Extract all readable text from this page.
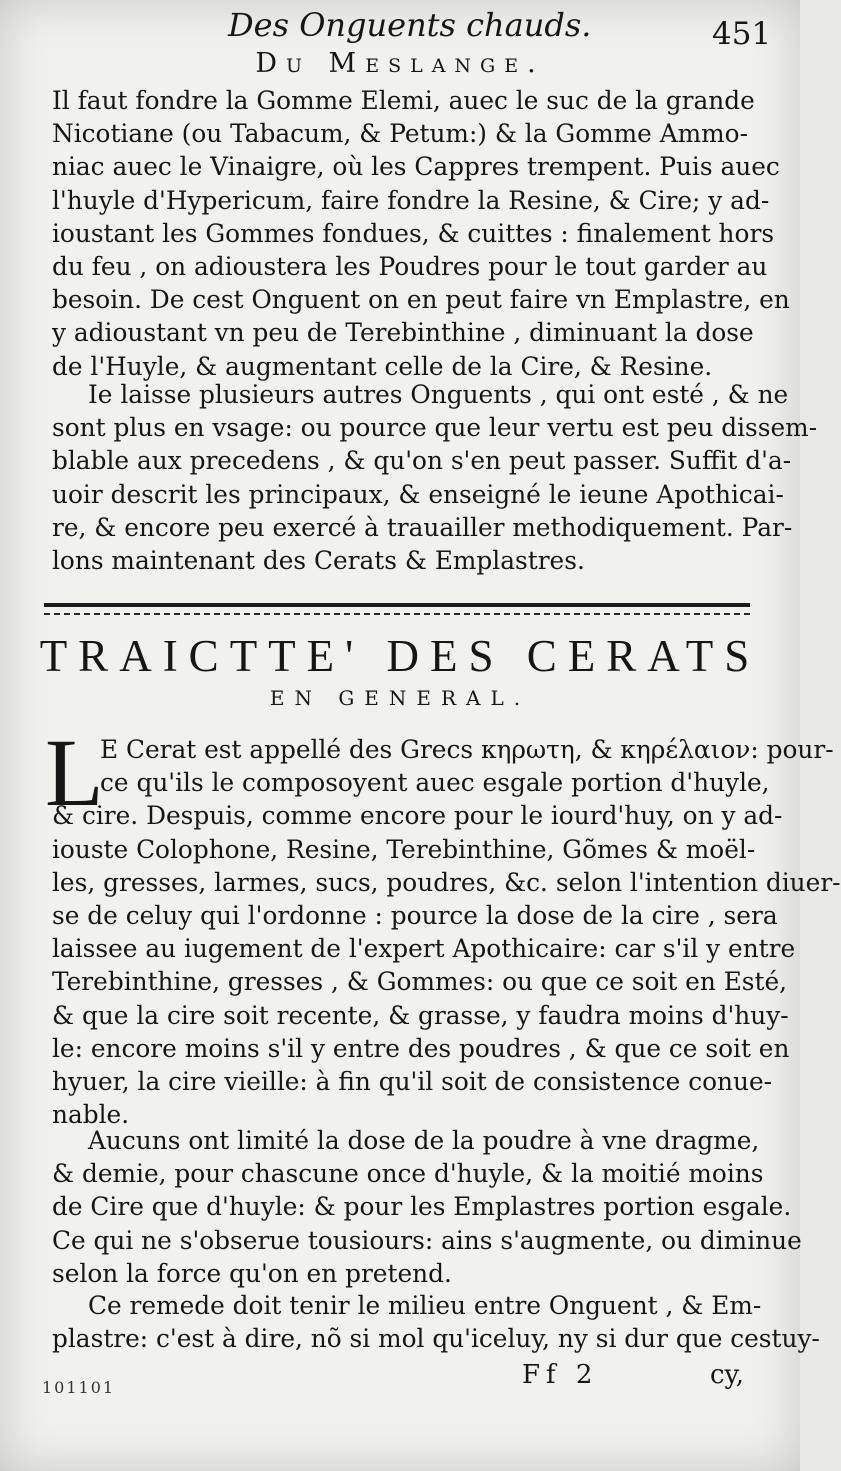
Des Onguents chauds.	451
Du Meslange.

Il faut fondre la Gomme Elemi, auec le suc de la grande
Nicotiane (ou Tabacum, & Petum:) & la Gomme Ammo-
niac auec le Vinaigre, où les Cappres trempent. Puis auec
l'huyle d'Hypericum, faire fondre la Resine, & Cire; y ad-
ioustant les Gommes fondues, & cuittes : finalement hors
du feu , on adioustera les Poudres pour le tout garder au
besoin. De cest Onguent on en peut faire vn Emplastre, en
y adioustant vn peu de Terebinthine , diminuant la dose
de l'Huyle, & augmentant celle de la Cire, & Resine.

Ie laisse plusieurs autres Onguents , qui ont esté , & ne
sont plus en vsage: ou pource que leur vertu est peu dissem-
blable aux precedens , & qu'on s'en peut passer. Suffit d'a-
uoir descrit les principaux, & enseigné le ieune Apothicai-
re, & encore peu exercé à trauailler methodiquement. Par-
lons maintenant des Cerats & Emplastres.

TRAICTTE' DES CERATS
EN GENERAL.
L

E Cerat est appellé des Grecs κηρωτη, & κηρέλαιον: pour-
ce qu'ils le composoyent auec esgale portion d'huyle,
& cire. Despuis, comme encore pour le iourd'huy, on y ad-
iouste Colophone, Resine, Terebinthine, Gõmes & moël-
les, gresses, larmes, sucs, poudres, &c. selon l'intention diuer-
se de celuy qui l'ordonne : pource la dose de la cire , sera
laissee au iugement de l'expert Apothicaire: car s'il y entre
Terebinthine, gresses , & Gommes: ou que ce soit en Esté,
& que la cire soit recente, & grasse, y faudra moins d'huy-
le: encore moins s'il y entre des poudres , & que ce soit en
hyuer, la cire vieille: à fin qu'il soit de consistence conue-
nable.

Aucuns ont limité la dose de la poudre à vne dragme,
& demie, pour chascune once d'huyle, & la moitié moins
de Cire que d'huyle: & pour les Emplastres portion esgale.
Ce qui ne s'obserue tousiours: ains s'augmente, ou diminue
selon la force qu'on en pretend.

Ce remede doit tenir le milieu entre Onguent , & Em-
plastre: c'est à dire, nõ si mol qu'iceluy, ny si dur que cestuy-

101101	Ff 2	cy,
